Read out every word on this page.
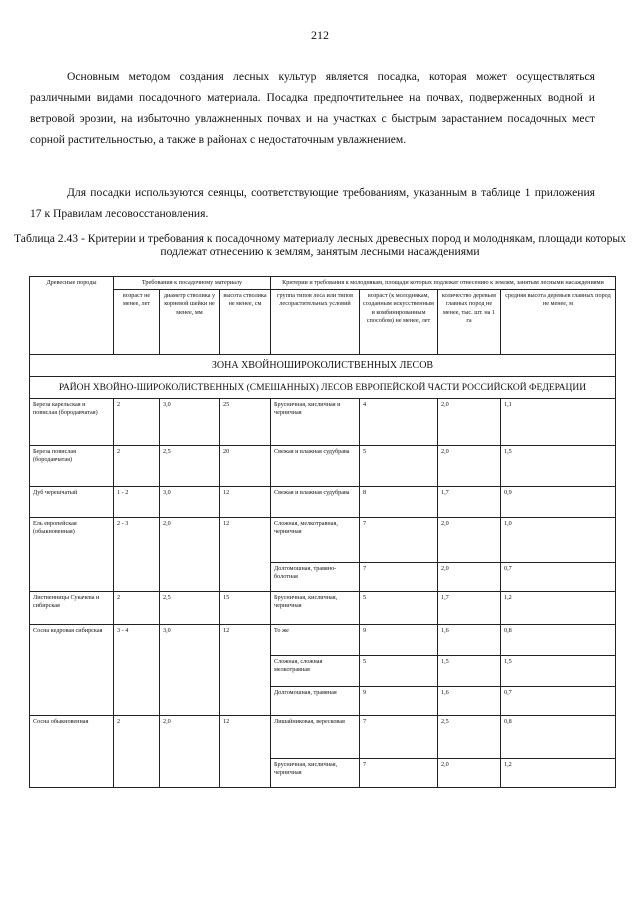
212
Основным методом создания лесных культур является посадка, которая может осуществляться различными видами посадочного материала. Посадка предпочтительнее на почвах, подверженных водной и ветровой эрозии, на избыточно увлажненных почвах и на участках с быстрым зарастанием посадочных мест сорной растительностью, а также в районах с недостаточным увлажнением.
Для посадки используются сеянцы, соответствующие требованиям, указанным в таблице 1 приложения 17 к Правилам лесовосстановления.
Таблица 2.43 - Критерии и требования к посадочному материалу лесных древесных пород и молоднякам, площади которых подлежат отнесению к землям, занятым лесными насаждениями
Древесные породы	Требования к посадочному материалу			Критерии и требования к молоднякам, площади которых подлежат отнесению к землям, занятым лесными насаждениями			
	возраст не менее, лет	диаметр стволика у корневой шейки не менее, мм	высота стволика не менее, см	группа типов леса или типов лесорастительных условий	возраст (к молоднякам, созданным искусственным и комбинированным способом) не менее, лет	количество деревьев главных пород не менее, тыс. шт. на 1 га	средняя высота деревьев главных пород не менее, м
ЗОНА ХВОЙНОШИРОКОЛИСТВЕННЫХ ЛЕСОВ							
РАЙОН ХВОЙНО-ШИРОКОЛИСТВЕННЫХ (СМЕШАННЫХ) ЛЕСОВ ЕВРОПЕЙСКОЙ ЧАСТИ РОССИЙСКОЙ ФЕДЕРАЦИИ							
Береза карельская и повислая (бородавчатая)	2	3,0	25	Брусничная, кисличная и черничная	4	2,0	1,1
Береза повислая (бородавчатая)	2	2,5	20	Свежая и влажная судубрава	5	2,0	1,5
Дуб черешчатый	1 - 2	3,0	12	Свежая и влажная судубрава	8	1,7	0,9
Ель европейская (обыкновенная)	2 - 3	2,0	12	Сложная, мелкотравная, черничная	7	2,0	1,0
				Долгомошная, травяно-болотная	7	2,0	0,7
Лиственницы Сукачева и сибирская	2	2,5	15	Брусничная, кисличная, черничная	5	1,7	1,2
Сосна кедровая сибирская	3 - 4	3,0	12	То же	9	1,6	0,8
				Сложная, сложная мелкотравная	5	1,5	1,5
				Долгомошная, травяная	9	1,6	0,7
Сосна обыкновенная	2	2,0	12	Лишайниковая, вересковая	7	2,5	0,8
				Брусничная, кисличная, черничная	7	2,0	1,2
